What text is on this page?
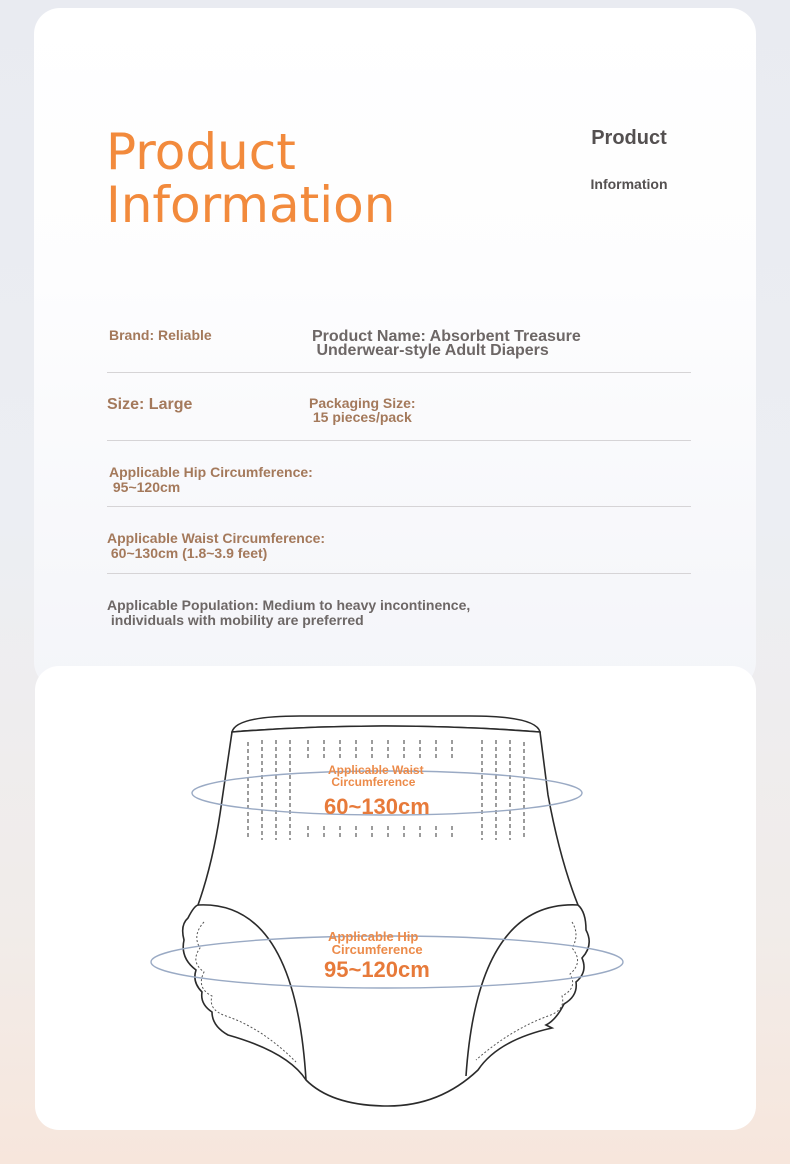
Product
Information
Product
Information
Brand: Reliable	Product Name: Absorbent Treasure
Underwear-style Adult Diapers
Size: Large	Packaging Size:
15 pieces/pack
Applicable Hip Circumference:
95~120cm
Applicable Waist Circumference:
60~130cm (1.8~3.9 feet)
Applicable Population: Medium to heavy incontinence,
individuals with mobility are preferred
Applicable Waist
Circumference
60~130cm
Applicable Hip
Circumference
95~120cm
